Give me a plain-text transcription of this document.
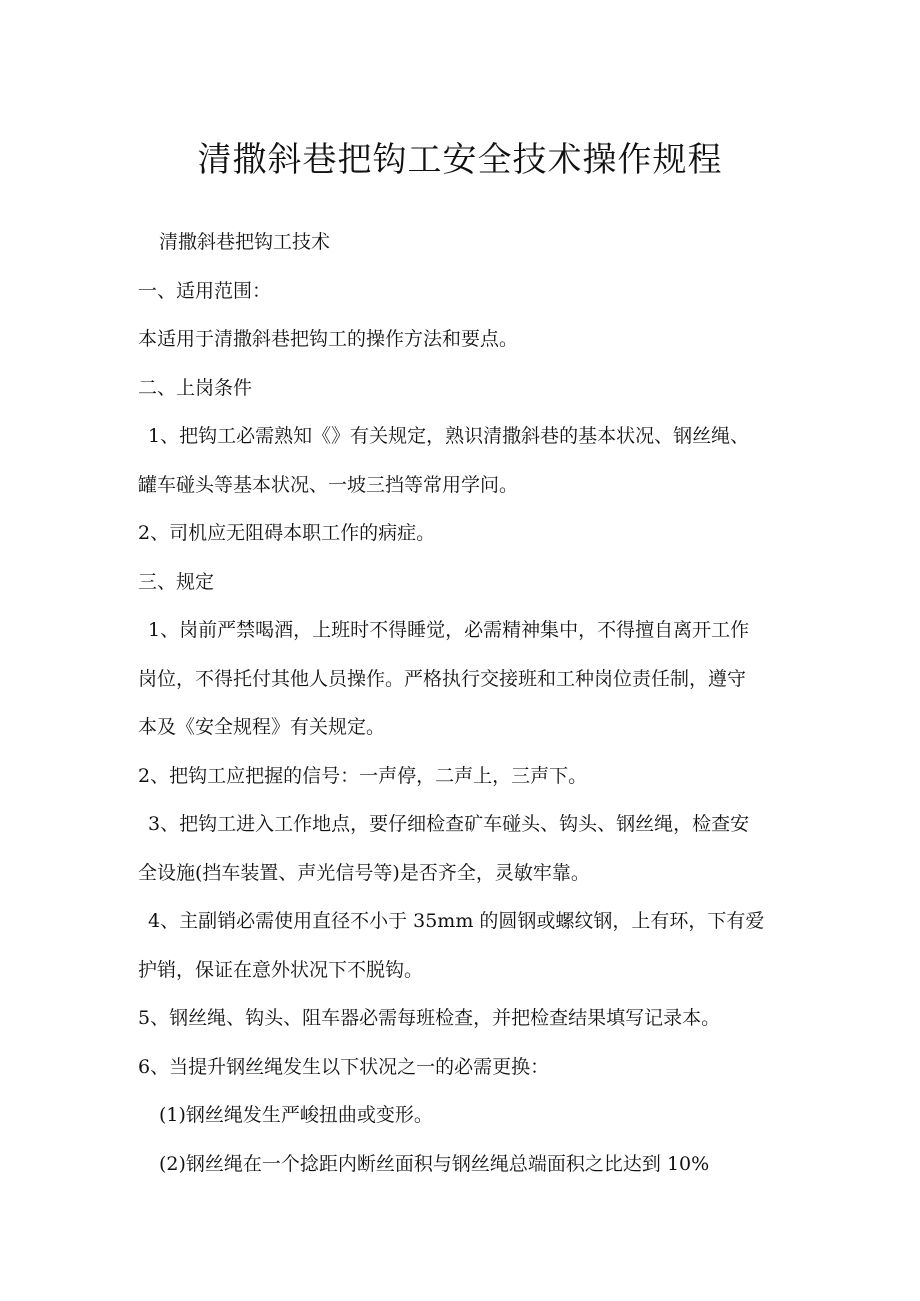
清撒斜巷把钩工安全技术操作规程

清撒斜巷把钩工技术

一、适用范围：

本适用于清撒斜巷把钩工的操作方法和要点。

二、上岗条件

1、把钩工必需熟知《》有关规定，熟识清撒斜巷的基本状况、钢丝绳、

罐车碰头等基本状况、一坡三挡等常用学问。

2、司机应无阻碍本职工作的病症。

三、规定

1、岗前严禁喝酒，上班时不得睡觉，必需精神集中，不得擅自离开工作

岗位，不得托付其他人员操作。严格执行交接班和工种岗位责任制，遵守

本及《安全规程》有关规定。

2、把钩工应把握的信号：一声停，二声上，三声下。

3、把钩工进入工作地点，要仔细检查矿车碰头、钩头、钢丝绳，检查安

全设施(挡车装置、声光信号等)是否齐全，灵敏牢靠。

4、主副销必需使用直径不小于 35mm 的圆钢或螺纹钢，上有环，下有爱

护销，保证在意外状况下不脱钩。

5、钢丝绳、钩头、阻车器必需每班检查，并把检查结果填写记录本。

6、当提升钢丝绳发生以下状况之一的必需更换：

(1)钢丝绳发生严峻扭曲或变形。

(2)钢丝绳在一个捻距内断丝面积与钢丝绳总端面积之比达到 10%
